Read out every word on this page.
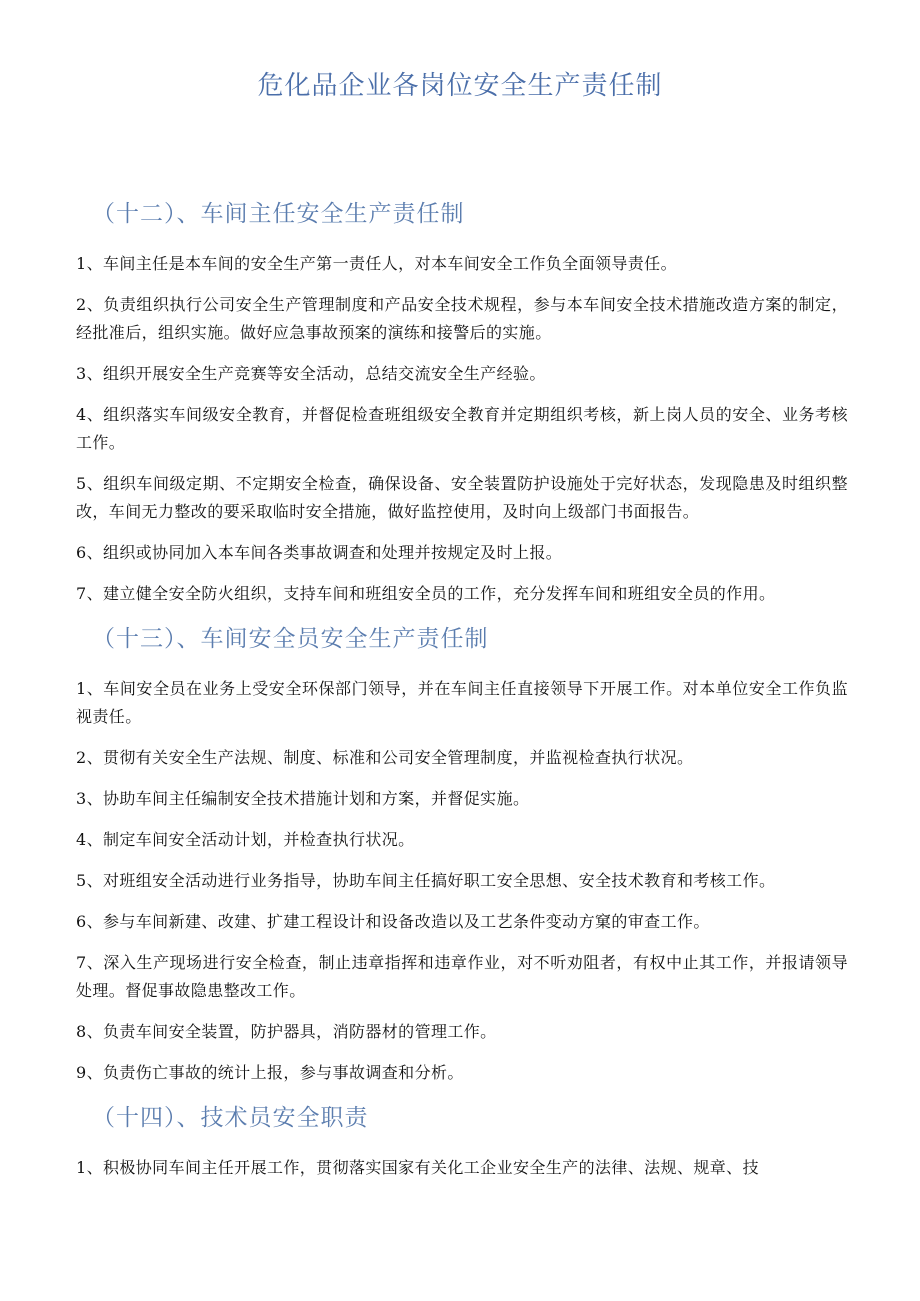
危化品企业各岗位安全生产责任制
（十二）、车间主任安全生产责任制

1、车间主任是本车间的安全生产第一责任人，对本车间安全工作负全面领导责任。

2、负责组织执行公司安全生产管理制度和产品安全技术规程，参与本车间安全技术措施改造方案的制定，经批准后，组织实施。做好应急事故预案的演练和接警后的实施。

3、组织开展安全生产竞赛等安全活动，总结交流安全生产经验。

4、组织落实车间级安全教育，并督促检查班组级安全教育并定期组织考核，新上岗人员的安全、业务考核工作。

5、组织车间级定期、不定期安全检查，确保设备、安全装置防护设施处于完好状态，发现隐患及时组织整改，车间无力整改的要采取临时安全措施，做好监控使用，及时向上级部门书面报告。

6、组织或协同加入本车间各类事故调查和处理并按规定及时上报。

7、建立健全安全防火组织，支持车间和班组安全员的工作，充分发挥车间和班组安全员的作用。

（十三）、车间安全员安全生产责任制

1、车间安全员在业务上受安全环保部门领导，并在车间主任直接领导下开展工作。对本单位安全工作负监视责任。

2、贯彻有关安全生产法规、制度、标准和公司安全管理制度，并监视检查执行状况。

3、协助车间主任编制安全技术措施计划和方案，并督促实施。

4、制定车间安全活动计划，并检查执行状况。

5、对班组安全活动进行业务指导，协助车间主任搞好职工安全思想、安全技术教育和考核工作。

6、参与车间新建、改建、扩建工程设计和设备改造以及工艺条件变动方窠的审查工作。

7、深入生产现场进行安全检查，制止违章指挥和违章作业，对不听劝阻者，有权中止其工作，并报请领导处理。督促事故隐患整改工作。

8、负责车间安全装置，防护器具，消防器材的管理工作。

9、负责伤亡事故的统计上报，参与事故调查和分析。

（十四）、技术员安全职责

1、积极协同车间主任开展工作，贯彻落实国家有关化工企业安全生产的法律、法规、规章、技
